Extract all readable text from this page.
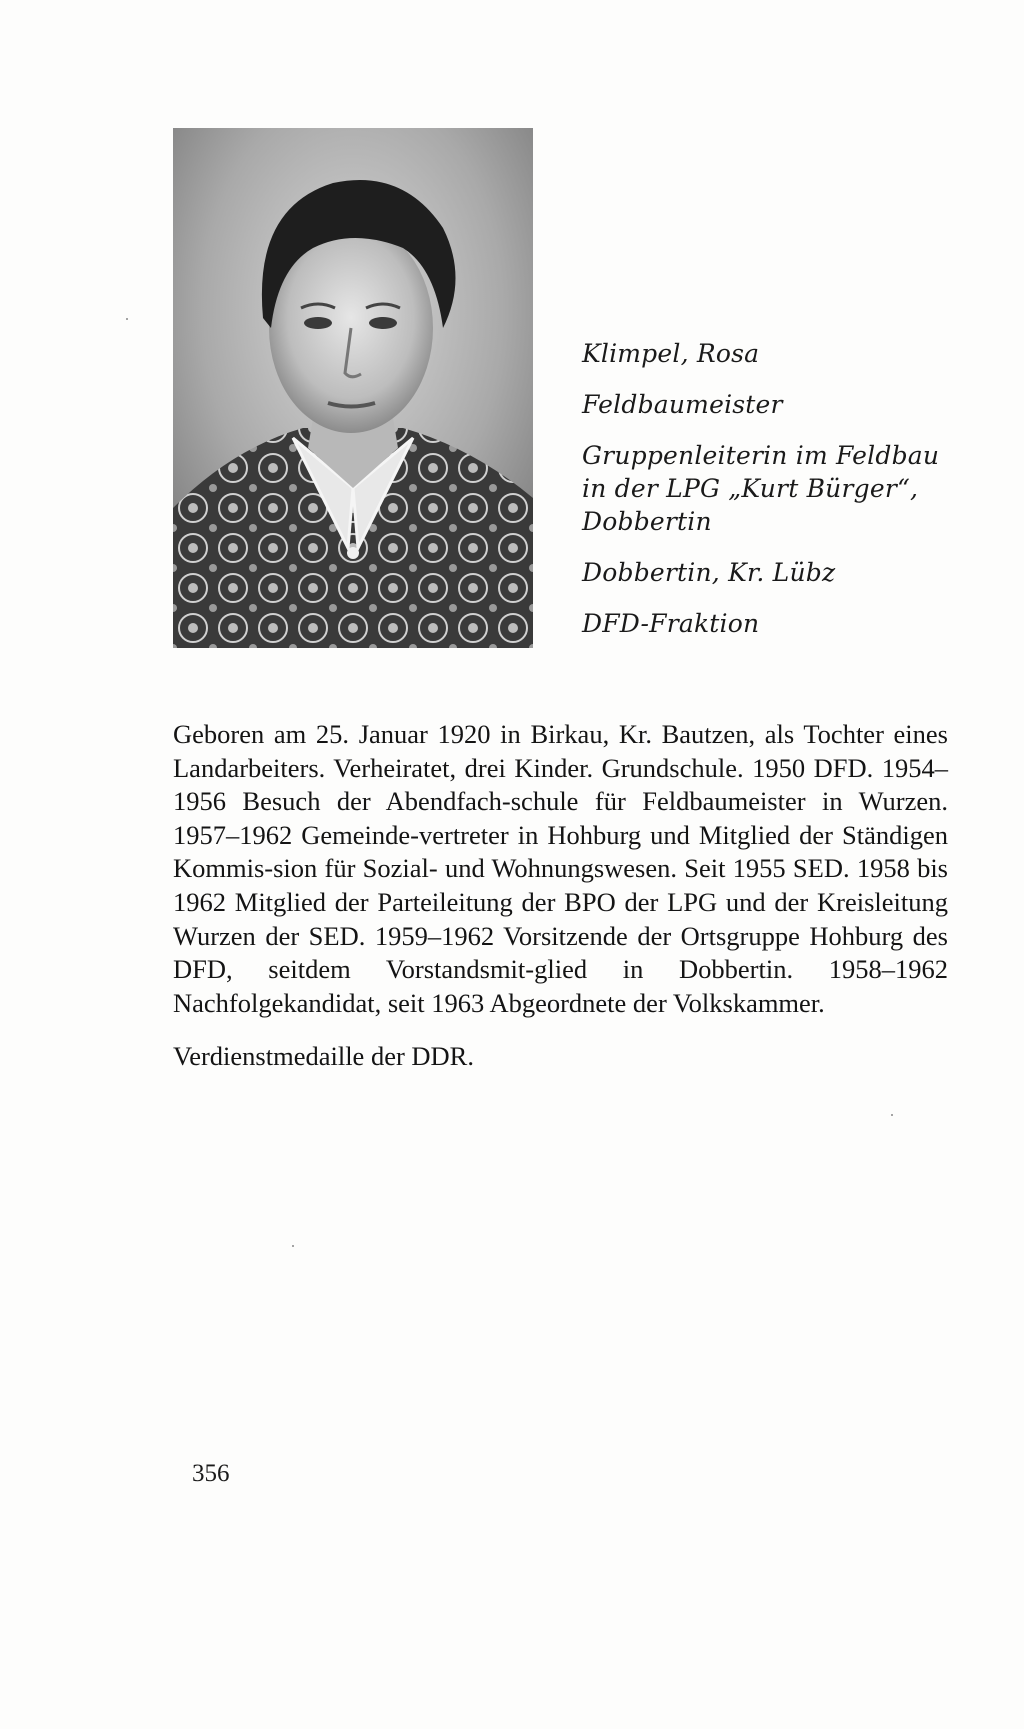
Klimpel, Rosa
Feldbaumeister
Gruppenleiterin im Feldbau
in der LPG „Kurt Bürger“,
Dobbertin
Dobbertin, Kr. Lübz
DFD-Fraktion

Geboren am 25. Januar 1920 in Birkau, Kr. Bautzen, als Tochter eines Landarbeiters. Verheiratet, drei Kinder. Grundschule. 1950 DFD. 1954–1956 Besuch der Abendfach-schule für Feldbaumeister in Wurzen. 1957–1962 Gemeinde-vertreter in Hohburg und Mitglied der Ständigen Kommis-sion für Sozial- und Wohnungswesen. Seit 1955 SED. 1958 bis 1962 Mitglied der Parteileitung der BPO der LPG und der Kreisleitung Wurzen der SED. 1959–1962 Vorsitzende der Ortsgruppe Hohburg des DFD, seitdem Vorstandsmit-glied in Dobbertin. 1958–1962 Nachfolgekandidat, seit 1963 Abgeordnete der Volkskammer.

Verdienstmedaille der DDR.

356
